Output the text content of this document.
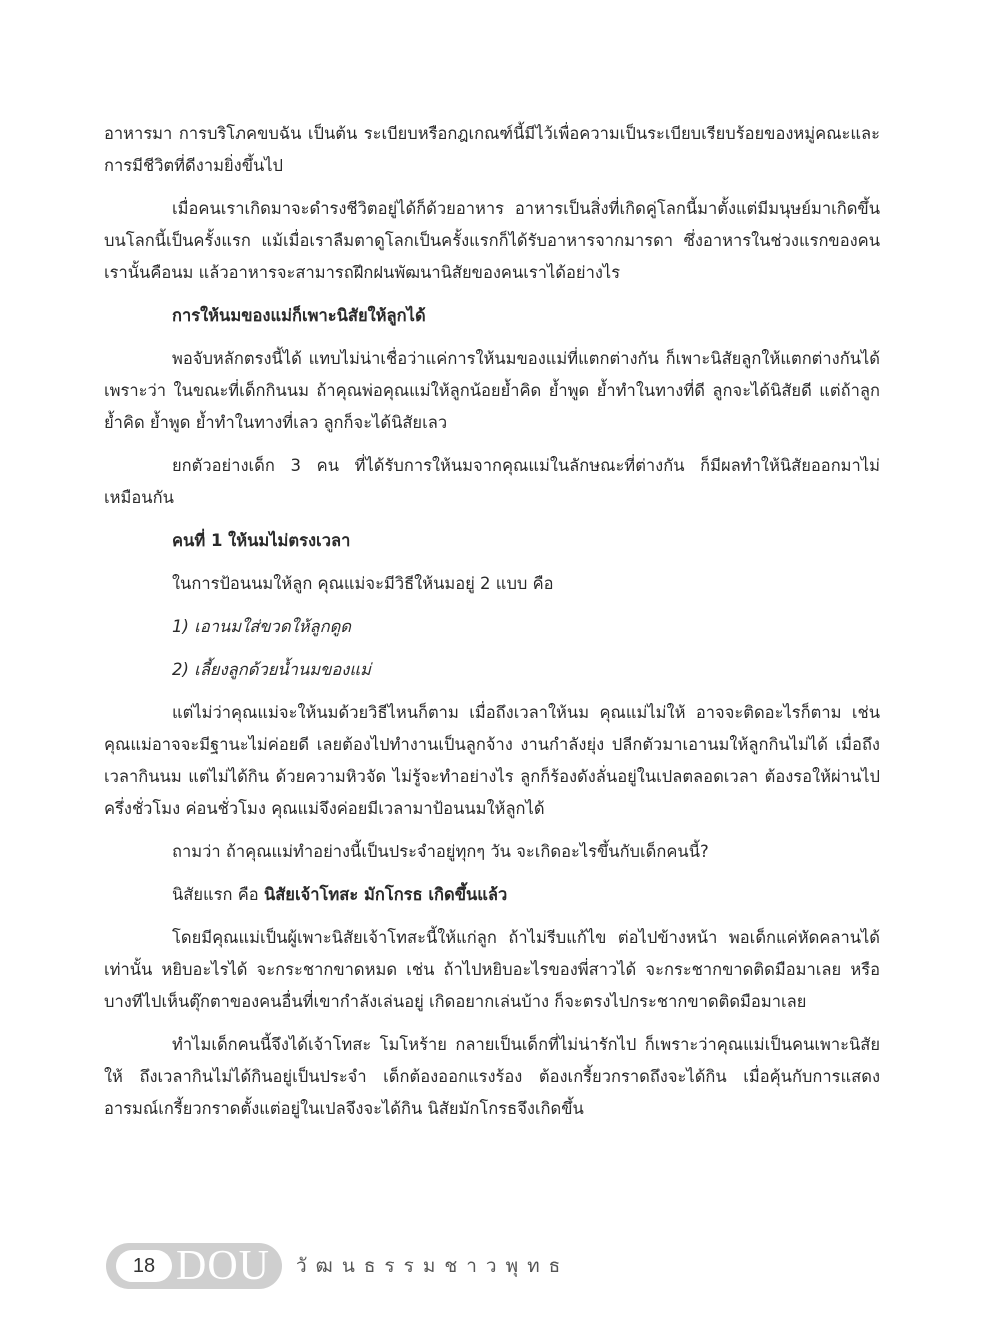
อาหารมา การบริโภคขบฉัน เป็นต้น ระเบียบหรือกฎเกณฑ์นี้มีไว้เพื่อความเป็นระเบียบเรียบร้อยของหมู่คณะและการมีชีวิตที่ดีงามยิ่งขึ้นไป

เมื่อคนเราเกิดมาจะดำรงชีวิตอยู่ได้ก็ด้วยอาหาร อาหารเป็นสิ่งที่เกิดคู่โลกนี้มาตั้งแต่มีมนุษย์มาเกิดขึ้นบนโลกนี้เป็นครั้งแรก แม้เมื่อเราลืมตาดูโลกเป็นครั้งแรกก็ได้รับอาหารจากมารดา ซึ่งอาหารในช่วงแรกของคนเรานั้นคือนม แล้วอาหารจะสามารถฝึกฝนพัฒนานิสัยของคนเราได้อย่างไร

การให้นมของแม่ก็เพาะนิสัยให้ลูกได้

พอจับหลักตรงนี้ได้ แทบไม่น่าเชื่อว่าแค่การให้นมของแม่ที่แตกต่างกัน ก็เพาะนิสัยลูกให้แตกต่างกันได้ เพราะว่า ในขณะที่เด็กกินนม ถ้าคุณพ่อคุณแม่ให้ลูกน้อยย้ำคิด ย้ำพูด ย้ำทำในทางที่ดี ลูกจะได้นิสัยดี แต่ถ้าลูกย้ำคิด ย้ำพูด ย้ำทำในทางที่เลว ลูกก็จะได้นิสัยเลว

ยกตัวอย่างเด็ก 3 คน ที่ได้รับการให้นมจากคุณแม่ในลักษณะที่ต่างกัน ก็มีผลทำให้นิสัยออกมาไม่เหมือนกัน

คนที่ 1 ให้นมไม่ตรงเวลา

ในการป้อนนมให้ลูก คุณแม่จะมีวิธีให้นมอยู่ 2 แบบ คือ

1) เอานมใส่ขวดให้ลูกดูด

2) เลี้ยงลูกด้วยน้ำนมของแม่

แต่ไม่ว่าคุณแม่จะให้นมด้วยวิธีไหนก็ตาม เมื่อถึงเวลาให้นม คุณแม่ไม่ให้ อาจจะติดอะไรก็ตาม เช่น คุณแม่อาจจะมีฐานะไม่ค่อยดี เลยต้องไปทำงานเป็นลูกจ้าง งานกำลังยุ่ง ปลีกตัวมาเอานมให้ลูกกินไม่ได้ เมื่อถึงเวลากินนม แต่ไม่ได้กิน ด้วยความหิวจัด ไม่รู้จะทำอย่างไร ลูกก็ร้องดังลั่นอยู่ในเปลตลอดเวลา ต้องรอให้ผ่านไปครึ่งชั่วโมง ค่อนชั่วโมง คุณแม่จึงค่อยมีเวลามาป้อนนมให้ลูกได้

ถามว่า ถ้าคุณแม่ทำอย่างนี้เป็นประจำอยู่ทุกๆ วัน จะเกิดอะไรขึ้นกับเด็กคนนี้?

นิสัยแรก คือ นิสัยเจ้าโทสะ มักโกรธ เกิดขึ้นแล้ว

โดยมีคุณแม่เป็นผู้เพาะนิสัยเจ้าโทสะนี้ให้แก่ลูก ถ้าไม่รีบแก้ไข ต่อไปข้างหน้า พอเด็กแค่หัดคลานได้เท่านั้น หยิบอะไรได้ จะกระชากขาดหมด เช่น ถ้าไปหยิบอะไรของพี่สาวได้ จะกระชากขาดติดมือมาเลย หรือบางทีไปเห็นตุ๊กตาของคนอื่นที่เขากำลังเล่นอยู่ เกิดอยากเล่นบ้าง ก็จะตรงไปกระชากขาดติดมือมาเลย

ทำไมเด็กคนนี้จึงได้เจ้าโทสะ โมโหร้าย กลายเป็นเด็กที่ไม่น่ารักไป ก็เพราะว่าคุณแม่เป็นคนเพาะนิสัยให้ ถึงเวลากินไม่ได้กินอยู่เป็นประจำ เด็กต้องออกแรงร้อง ต้องเกรี้ยวกราดถึงจะได้กิน เมื่อคุ้นกับการแสดงอารมณ์เกรี้ยวกราดตั้งแต่อยู่ในเปลจึงจะได้กิน นิสัยมักโกรธจึงเกิดขึ้น

18 DOU วัฒนธรรมชาวพุทธ
